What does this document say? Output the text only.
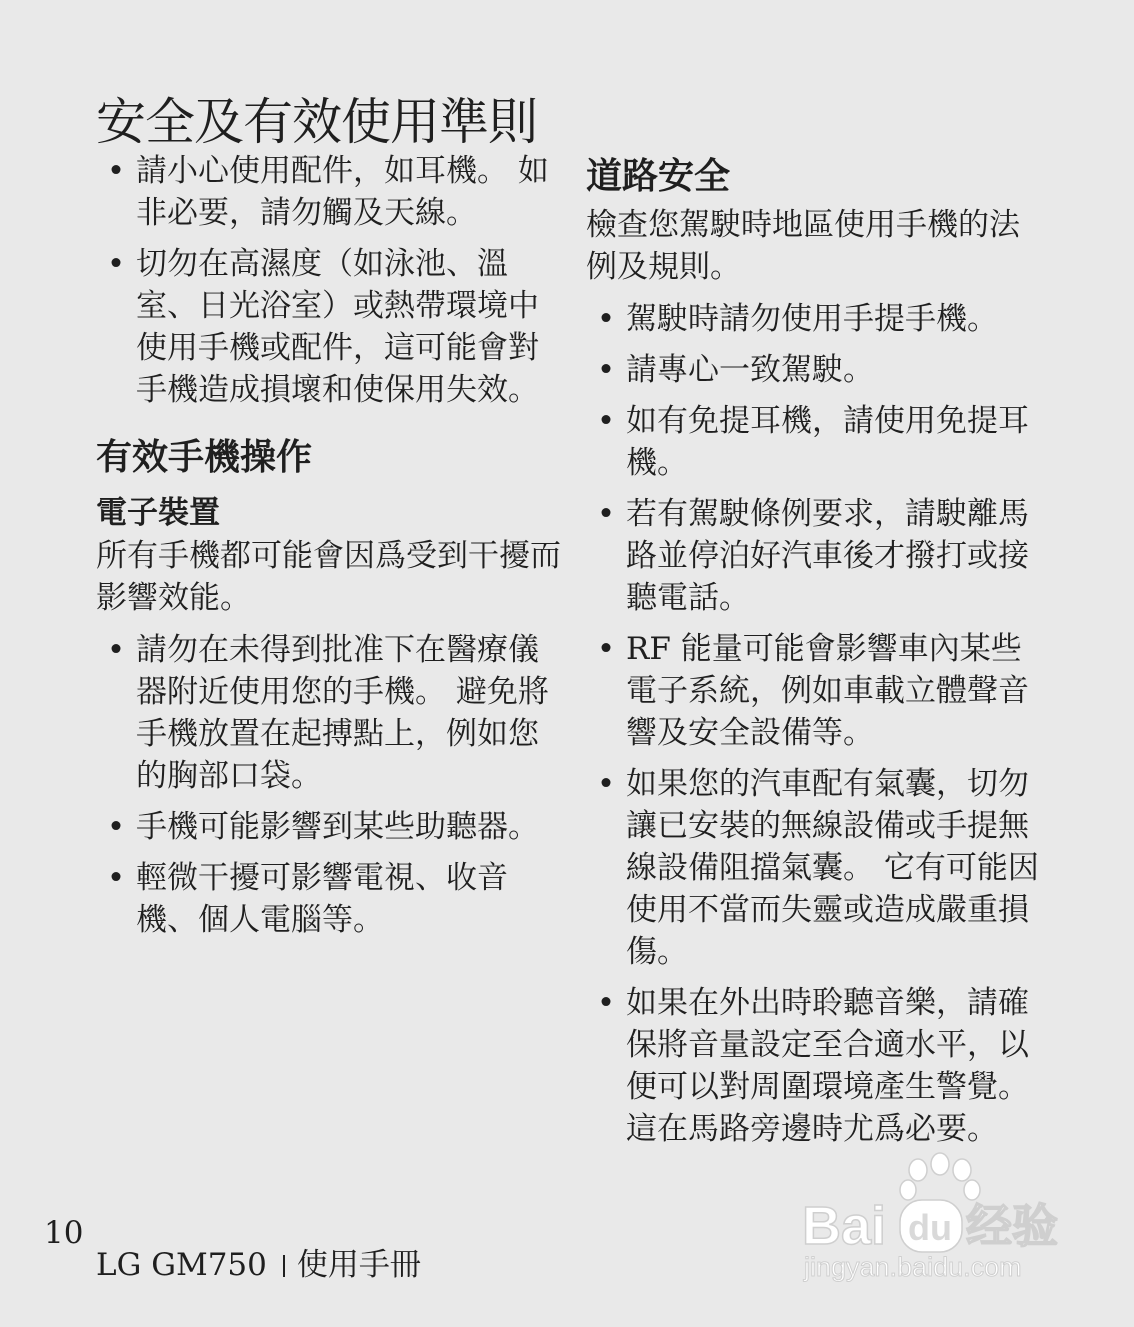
安全及有效使用準則
• 請小心使用配件，如耳機。 如非必要，請勿觸及天線。
• 切勿在高濕度（如泳池、溫室、日光浴室）或熱帶環境中使用手機或配件，這可能會對手機造成損壞和使保用失效。
有效手機操作
電子裝置

所有手機都可能會因爲受到干擾而影響效能。

• 請勿在未得到批准下在醫療儀器附近使用您的手機。 避免將手機放置在起搏點上，例如您的胸部口袋。
• 手機可能影響到某些助聽器。
• 輕微干擾可影響電視、收音機、個人電腦等。
道路安全

檢查您駕駛時地區使用手機的法例及規則。

• 駕駛時請勿使用手提手機。
• 請專心一致駕駛。
• 如有免提耳機，請使用免提耳機。
• 若有駕駛條例要求，請駛離馬路並停泊好汽車後才撥打或接聽電話。
• RF 能量可能會影響車內某些電子系統，例如車載立體聲音響及安全設備等。
• 如果您的汽車配有氣囊，切勿讓已安裝的無線設備或手提無線設備阻擋氣囊。 它有可能因使用不當而失靈或造成嚴重損傷。
• 如果在外出時聆聽音樂，請確保將音量設定至合適水平，以便可以對周圍環境產生警覺。這在馬路旁邊時尤爲必要。
10
LG GM750 使用手冊
Bai du 经验
jingyan.baidu.com
